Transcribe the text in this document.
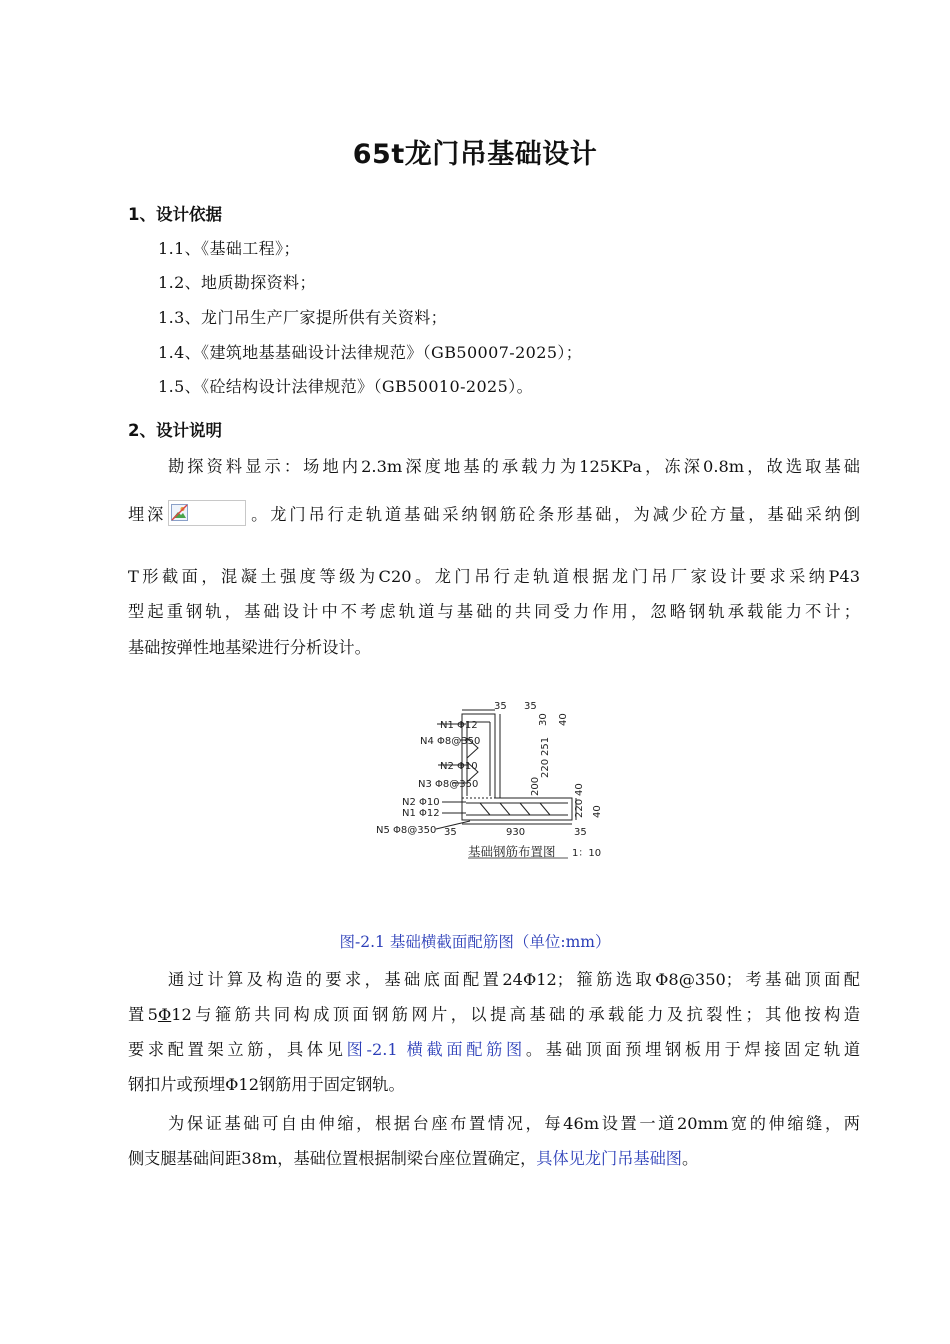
65t龙门吊基础设计
1、设计依据
1.1、《基础工程》；
1.2、地质勘探资料；
1.3、龙门吊生产厂家提所供有关资料；
1.4、《建筑地基基础设计法律规范》（GB50007-2025）；
1.5、《砼结构设计法律规范》（GB50010-2025）。
2、设计说明
勘探资料显示：场地内2.3m深度地基的承载力为125KPa，冻深0.8m，故选取基础
埋深	。龙门吊行走轨道基础采纳钢筋砼条形基础，为减少砼方量，基础采纳倒
T形截面，混凝土强度等级为C20。龙门吊行走轨道根据龙门吊厂家设计要求采纳P43
型起重钢轨，基础设计中不考虑轨道与基础的共同受力作用，忽略钢轨承载能力不计；
基础按弹性地基梁进行分析设计。
N1 Φ12
N4 Φ8@350
N2 Φ10
N3 Φ8@350
N2 Φ10
N1 Φ12
N5 Φ8@350
35 35
30 40
251
220
200	40
220 40
35	930	35
基础钢筋布置图 1：10
图-2.1 基础横截面配筋图（单位:mm）
通过计算及构造的要求，基础底面配置24Φ12；箍筋选取Φ8@350；考基础顶面配
置5Φ12与箍筋共同构成顶面钢筋网片，以提高基础的承载能力及抗裂性；其他按构造
要求配置架立筋，具体见图-2.1 横截面配筋图。基础顶面预埋钢板用于焊接固定轨道
钢扣片或预埋Φ12钢筋用于固定钢轨。
为保证基础可自由伸缩，根据台座布置情况，每46m设置一道20mm宽的伸缩缝，两
侧支腿基础间距38m，基础位置根据制梁台座位置确定，具体见龙门吊基础图。
